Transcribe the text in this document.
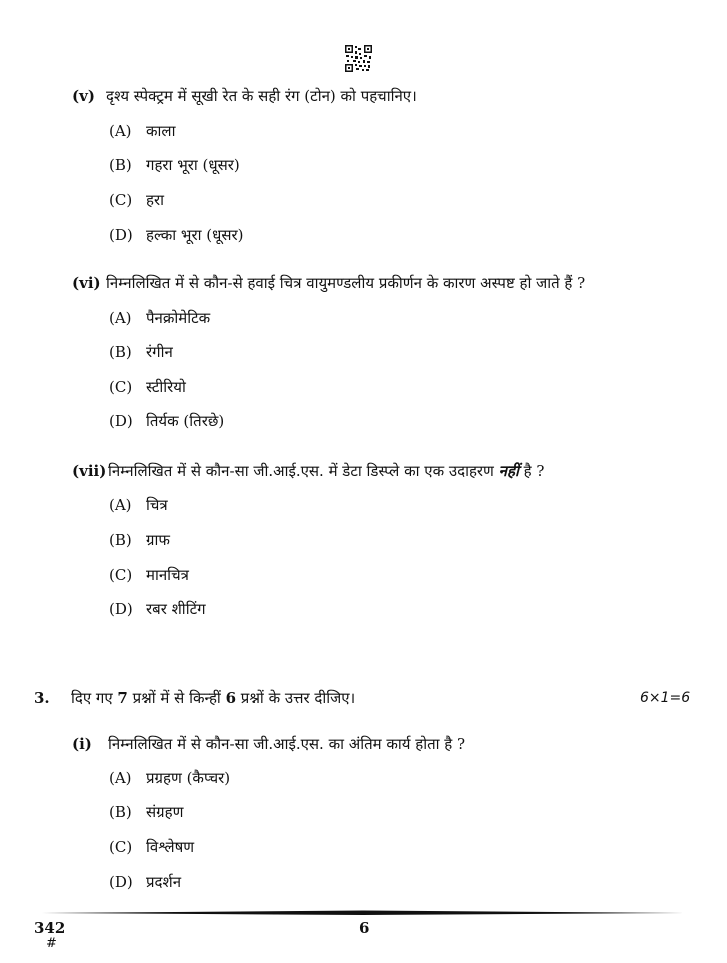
(v) दृश्य स्पेक्ट्रम में सूखी रेत के सही रंग (टोन) को पहचानिए।
(A) काला
(B) गहरा भूरा (धूसर)
(C) हरा
(D) हल्का भूरा (धूसर)
(vi) निम्नलिखित में से कौन-से हवाई चित्र वायुमण्डलीय प्रकीर्णन के कारण अस्पष्ट हो जाते हैं ?
(A) पैनक्रोमेटिक
(B) रंगीन
(C) स्टीरियो
(D) तिर्यक (तिरछे)
(vii) निम्नलिखित में से कौन-सा जी.आई.एस. में डेटा डिस्प्ले का एक उदाहरण नहीं है ?
(A) चित्र
(B) ग्राफ
(C) मानचित्र
(D) रबर शीटिंग
3. दिए गए 7 प्रश्नों में से किन्हीं 6 प्रश्नों के उत्तर दीजिए।	6×1=6
(i) निम्नलिखित में से कौन-सा जी.आई.एस. का अंतिम कार्य होता है ?
(A) प्रग्रहण (कैप्चर)
(B) संग्रहण
(C) विश्लेषण
(D) प्रदर्शन
342
#
6
